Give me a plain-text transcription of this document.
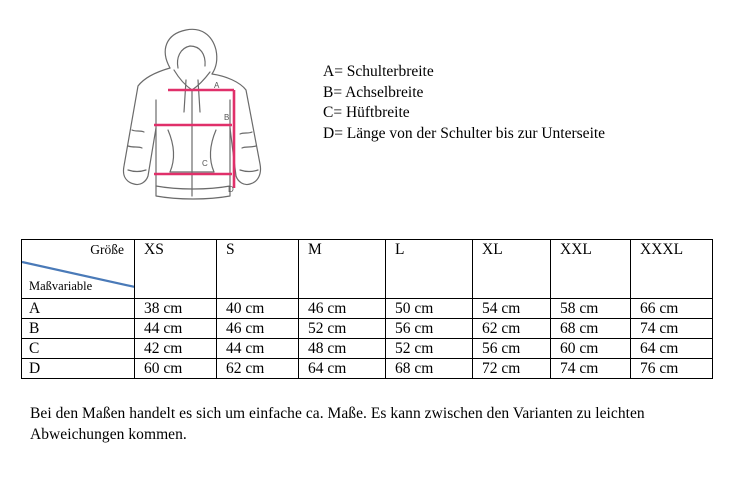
A
B
C
D
A= Schulterbreite
B= Achselbreite
C= Hüftbreite
D= Länge von der Schulter bis zur Unterseite
Größe
Maßvariable	XS	S	M	L	XL	XXL	XXXL
A	38 cm	40 cm	46 cm	50 cm	54 cm	58 cm	66 cm
B	44 cm	46 cm	52 cm	56 cm	62 cm	68 cm	74 cm
C	42 cm	44 cm	48 cm	52 cm	56 cm	60 cm	64 cm
D	60 cm	62 cm	64 cm	68 cm	72 cm	74 cm	76 cm
Bei den Maßen handelt es sich um einfache ca. Maße. Es kann zwischen den Varianten zu leichten Abweichungen kommen.
